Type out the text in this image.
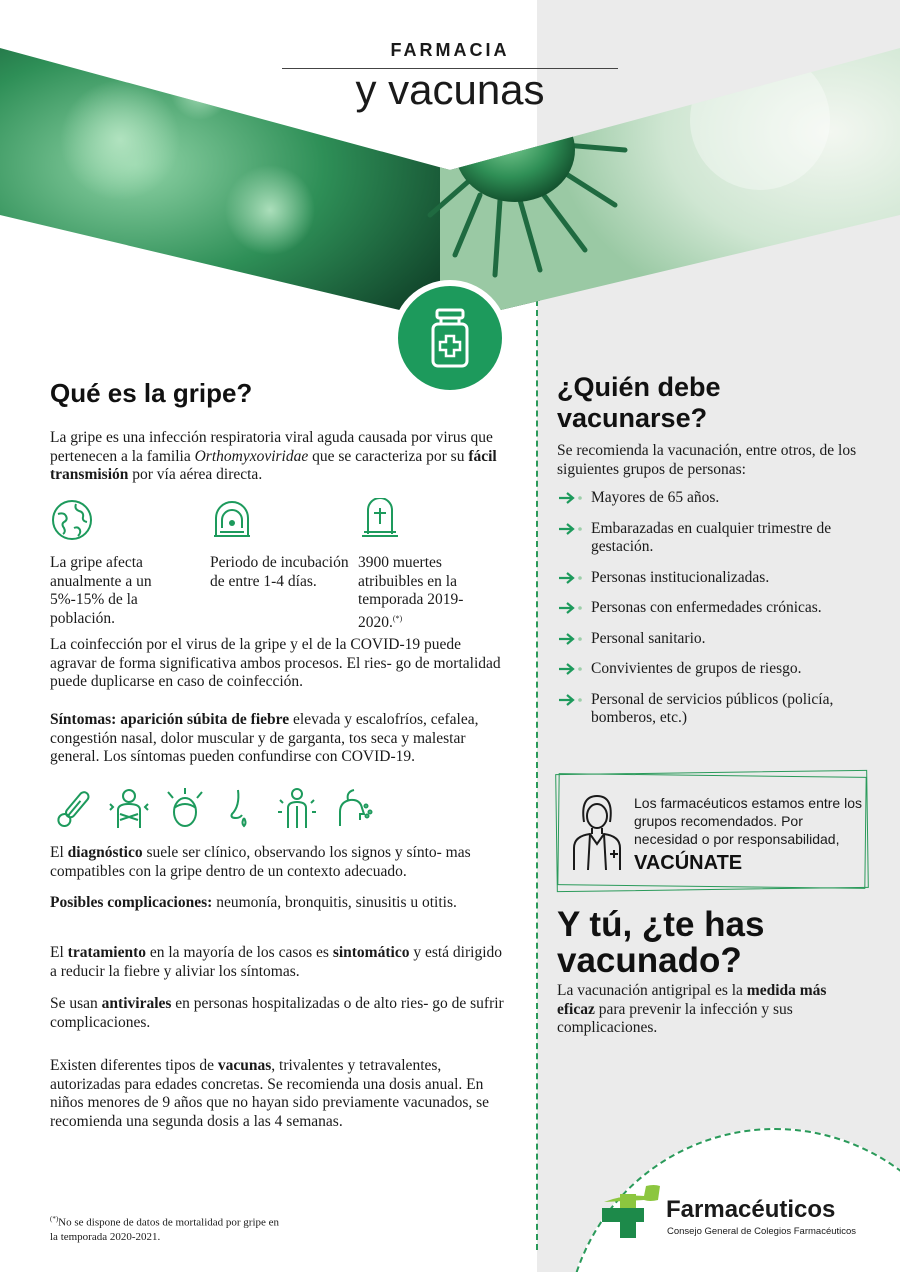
FARMACIA
y vacunas
Qué es la gripe?
La gripe es una infección respiratoria viral aguda causada por virus que pertenecen a la familia Orthomyxoviridae que se caracteriza por su fácil transmisión por vía aérea directa.
La gripe afecta anualmente a un 5%-15% de la población.
Periodo de incubación de entre 1-4 días.
3900 muertes atribuibles en la temporada 2019-2020.(*)
La coinfección por el virus de la gripe y el de la COVID-19 puede agravar de forma significativa ambos procesos. El ries- go de mortalidad puede duplicarse en caso de coinfección.
Síntomas: aparición súbita de fiebre elevada y escalofríos, cefalea, congestión nasal, dolor muscular y de garganta, tos seca y malestar general. Los síntomas pueden confundirse con COVID-19.
El diagnóstico suele ser clínico, observando los signos y sínto- mas compatibles con la gripe dentro de un contexto adecuado.
Posibles complicaciones: neumonía, bronquitis, sinusitis u otitis.
El tratamiento en la mayoría de los casos es sintomático y está dirigido a reducir la fiebre y aliviar los síntomas.
Se usan antivirales en personas hospitalizadas o de alto ries- go de sufrir complicaciones.
Existen diferentes tipos de vacunas, trivalentes y tetravalentes, autorizadas para edades concretas. Se recomienda una dosis anual. En niños menores de 9 años que no hayan sido previamente vacunados, se recomienda una segunda dosis a las 4 semanas.
(*)No se dispone de datos de mortalidad por gripe en la temporada 2020-2021.
¿Quién debe
vacunarse?
Se recomienda la vacunación, entre otros, de los siguientes grupos de personas:
Mayores de 65 años.
Embarazadas en cualquier trimestre de gestación.
Personas institucionalizadas.
Personas con enfermedades crónicas.
Personal sanitario.
Convivientes de grupos de riesgo.
Personal de servicios públicos (policía, bomberos, etc.)
Los farmacéuticos estamos entre los grupos recomendados. Por necesidad o por responsabilidad,
VACÚNATE
Y tú, ¿te has
vacunado?
La vacunación antigripal es la medida más eficaz para prevenir la infección y sus complicaciones.
Farmacéuticos
Consejo General de Colegios Farmacéuticos
